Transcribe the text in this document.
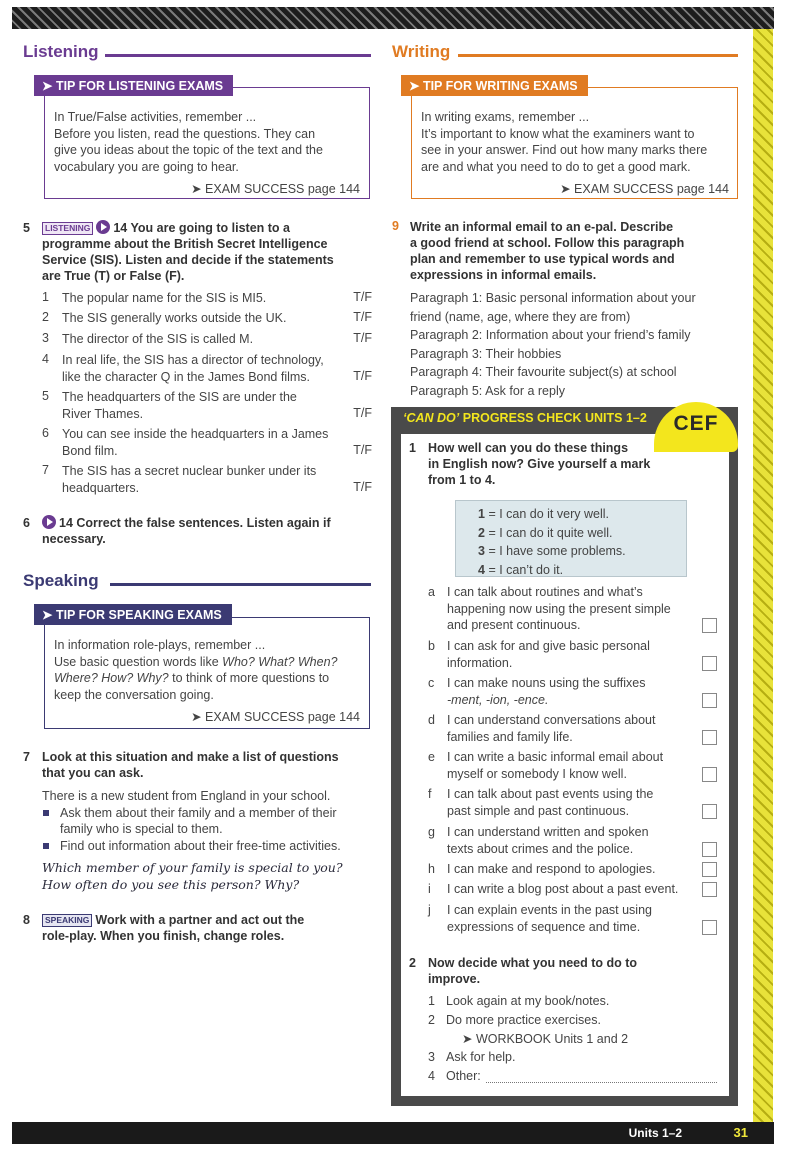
Listening

In True/False activities, remember ...

Before you listen, read the questions. They can

give you ideas about the topic of the text and the

vocabulary you are going to hear.

➤ EXAM SUCCESS page 144
➤ TIP FOR LISTENING EXAMS
Writing

In writing exams, remember ...

It’s important to know what the examiners want to

see in your answer. Find out how many marks there

are and what you need to do to get a good mark.

➤ EXAM SUCCESS page 144
➤ TIP FOR WRITING EXAMS
5	LISTENING 14 You are going to listen to a
programme about the British Secret Intelligence
Service (SIS). Listen and decide if the statements
are True (T) or False (F).
1 The popular name for the SIS is MI5.	T/F
2 The SIS generally works outside the UK.	T/F
3 The director of the SIS is called M.	T/F
4 In real life, the SIS has a director of technology,
like the character Q in the James Bond films.	T/F
5 The headquarters of the SIS are under the
River Thames.	T/F
6 You can see inside the headquarters in a James
Bond film.	T/F
7 The SIS has a secret nuclear bunker under its
headquarters.	T/F
6	14 Correct the false sentences. Listen again if
necessary.
Speaking

In information role-plays, remember ...

Use basic question words like Who? What? When?

Where? How? Why? to think of more questions to

keep the conversation going.

➤ EXAM SUCCESS page 144
➤ TIP FOR SPEAKING EXAMS
7 Look at this situation and make a list of questions
that you can ask.
There is a new student from England in your school.
Ask them about their family and a member of their
family who is special to them.
Find out information about their free-time activities.
Which member of your family is special to you?
How often do you see this person? Why?
8	SPEAKING Work with a partner and act out the
role-play. When you finish, change roles.
9 Write an informal email to an e-pal. Describe
a good friend at school. Follow this paragraph
plan and remember to use typical words and
expressions in informal emails.
Paragraph 1: Basic personal information about your
friend (name, age, where they are from)
Paragraph 2: Information about your friend’s family
Paragraph 3: Their hobbies
Paragraph 4: Their favourite subject(s) at school
Paragraph 5: Ask for a reply
‘CAN DO’ PROGRESS CHECK UNITS 1–2	CEF
1 How well can you do these things
in English now? Give yourself a mark
from 1 to 4.
1 = I can do it very well.
2 = I can do it quite well.
3 = I have some problems.
4 = I can’t do it.
a I can talk about routines and what’s
happening now using the present simple
and present continuous.
b I can ask for and give basic personal
information.
c I can make nouns using the suffixes
-ment, -ion, -ence.
d I can understand conversations about
families and family life.
e I can write a basic informal email about
myself or somebody I know well.
f I can talk about past events using the
past simple and past continuous.
g I can understand written and spoken
texts about crimes and the police.
h I can make and respond to apologies.
i I can write a blog post about a past event.
j I can explain events in the past using
expressions of sequence and time.
2 Now decide what you need to do to
improve.
1 Look again at my book/notes.
2 Do more practice exercises.
➤ WORKBOOK Units 1 and 2
3 Ask for help.
4 Other:
Units 1–2	31
